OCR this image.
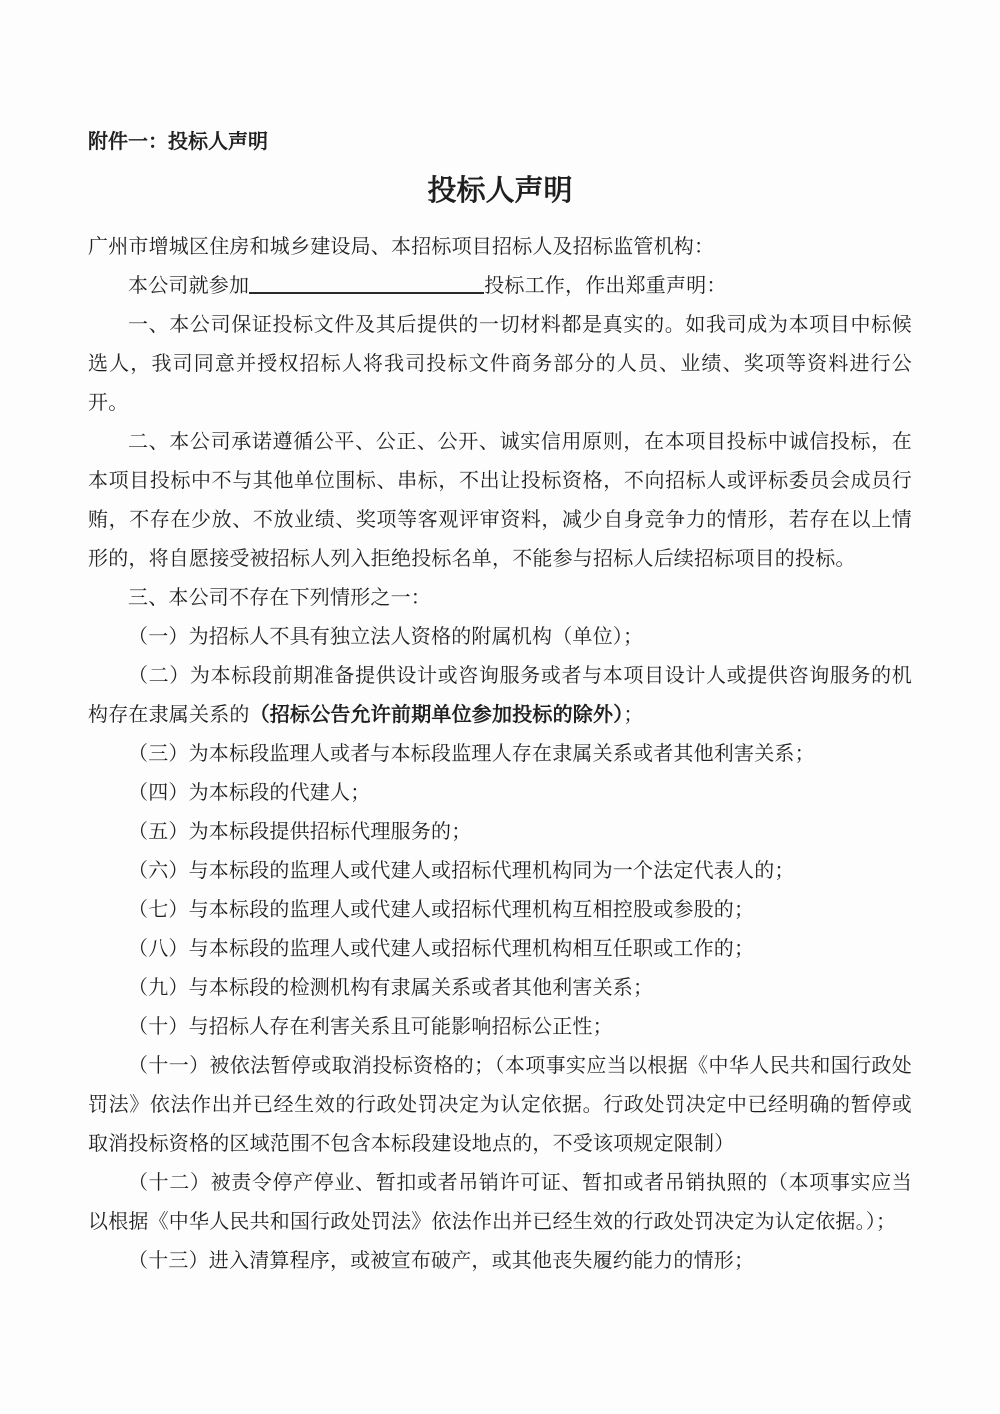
附件一：投标人声明
投标人声明

广州市增城区住房和城乡建设局、本招标项目招标人及招标监管机构：

本公司就参加	投标工作，作出郑重声明：

一、本公司保证投标文件及其后提供的一切材料都是真实的。如我司成为本项目中标候选人，我司同意并授权招标人将我司投标文件商务部分的人员、业绩、奖项等资料进行公开。

二、本公司承诺遵循公平、公正、公开、诚实信用原则，在本项目投标中诚信投标，在本项目投标中不与其他单位围标、串标，不出让投标资格，不向招标人或评标委员会成员行贿，不存在少放、不放业绩、奖项等客观评审资料，减少自身竞争力的情形，若存在以上情形的，将自愿接受被招标人列入拒绝投标名单，不能参与招标人后续招标项目的投标。

三、本公司不存在下列情形之一：

（一）为招标人不具有独立法人资格的附属机构（单位）；

（二）为本标段前期准备提供设计或咨询服务或者与本项目设计人或提供咨询服务的机构存在隶属关系的（招标公告允许前期单位参加投标的除外）；

（三）为本标段监理人或者与本标段监理人存在隶属关系或者其他利害关系；

（四）为本标段的代建人；

（五）为本标段提供招标代理服务的；

（六）与本标段的监理人或代建人或招标代理机构同为一个法定代表人的；

（七）与本标段的监理人或代建人或招标代理机构互相控股或参股的；

（八）与本标段的监理人或代建人或招标代理机构相互任职或工作的；

（九）与本标段的检测机构有隶属关系或者其他利害关系；

（十）与招标人存在利害关系且可能影响招标公正性；

（十一）被依法暂停或取消投标资格的；（本项事实应当以根据《中华人民共和国行政处罚法》依法作出并已经生效的行政处罚决定为认定依据。行政处罚决定中已经明确的暂停或取消投标资格的区域范围不包含本标段建设地点的，不受该项规定限制）

（十二）被责令停产停业、暂扣或者吊销许可证、暂扣或者吊销执照的（本项事实应当以根据《中华人民共和国行政处罚法》依法作出并已经生效的行政处罚决定为认定依据。）；

（十三）进入清算程序，或被宣布破产，或其他丧失履约能力的情形；
